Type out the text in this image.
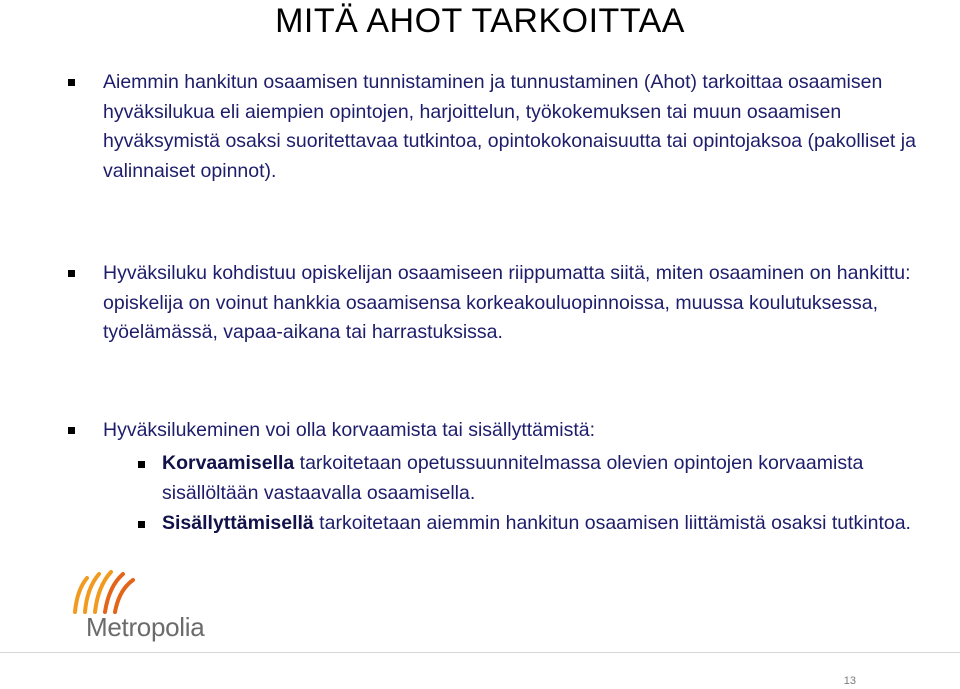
MITÄ AHOT TARKOITTAA

Aiemmin hankitun osaamisen tunnistaminen ja tunnustaminen (Ahot) tarkoittaa osaamisen hyväksilukua eli aiempien opintojen, harjoittelun, työkokemuksen tai muun osaamisen hyväksymistä osaksi suoritettavaa tutkintoa, opintokokonaisuutta tai opintojaksoa (pakolliset ja valinnaiset opinnot).

Hyväksiluku kohdistuu opiskelijan osaamiseen riippumatta siitä, miten osaaminen on hankittu: opiskelija on voinut hankkia osaamisensa korkeakouluopinnoissa, muussa koulutuksessa, työelämässä, vapaa-aikana tai harrastuksissa.

Hyväksilukeminen voi olla korvaamista tai sisällyttämistä:

Korvaamisella tarkoitetaan opetussuunnitelmassa olevien opintojen korvaamista sisällöltään vastaavalla osaamisella.

Sisällyttämisellä tarkoitetaan aiemmin hankitun osaamisen liittämistä osaksi tutkintoa.

Metropolia
13
